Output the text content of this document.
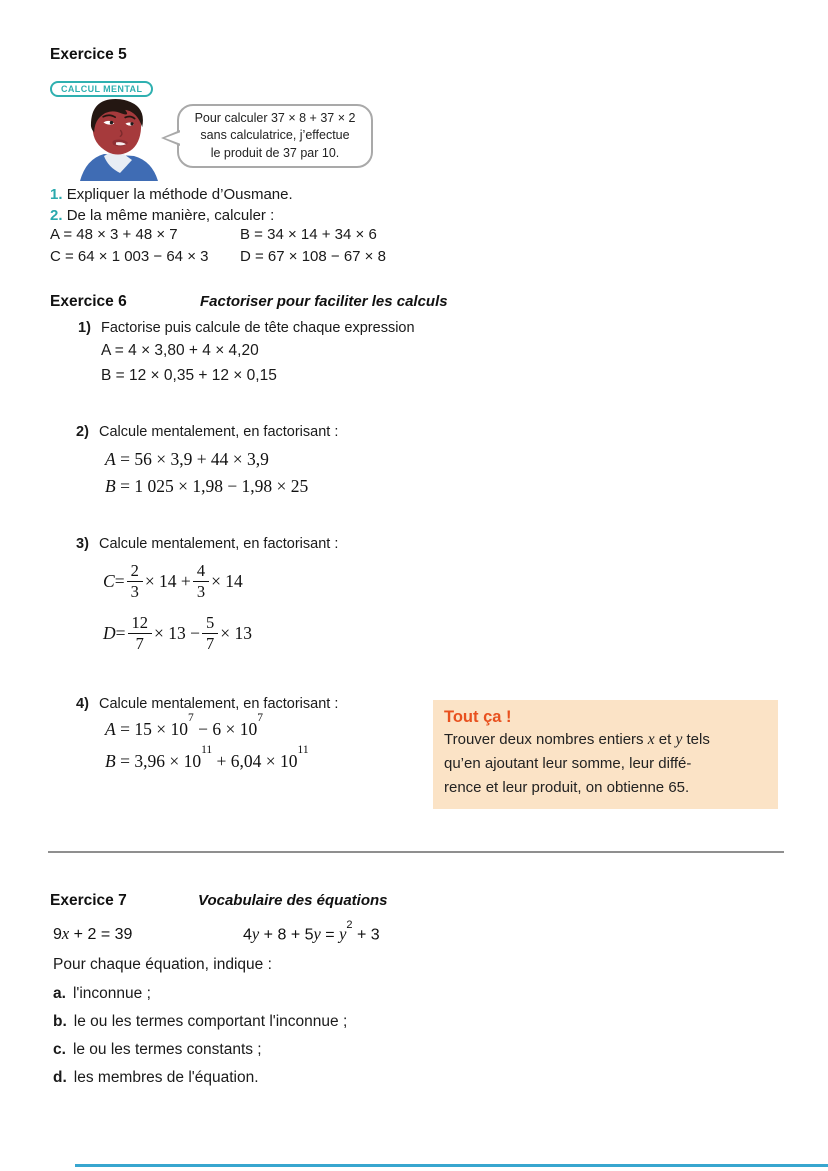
Exercice 5
CALCUL MENTAL
Pour calculer 37 × 8 + 37 × 2
sans calculatrice, j’effectue
le produit de 37 par 10.
1. Expliquer la méthode d’Ousmane.
2. De la même manière, calculer :
A = 48 × 3 + 48 × 7	B = 34 × 14 + 34 × 6
C = 64 × 1 003 − 64 × 3	D = 67 × 108 − 67 × 8
Exercice 6	Factoriser pour faciliter les calculs
1) Factorise puis calcule de tête chaque expression
A = 4 × 3,80 + 4 × 4,20
B = 12 × 0,35 + 12 × 0,15
2) Calcule mentalement, en factorisant :
A = 56 × 3,9 + 44 × 3,9
B = 1 025 × 1,98 − 1,98 × 25
3) Calcule mentalement, en factorisant :
$C = \frac{2}{3} \times 14 + \frac{4}{3} \times 14$
$D = \frac{12}{7} \times 13 - \frac{5}{7} \times 13$
4) Calcule mentalement, en factorisant :
$A = 15 \times 10^7 - 6 \times 10^7$
$B = 3,96 \times 10^{11} + 6,04 \times 10^{11}$
Tout ça !
Trouver deux nombres entiers x et y tels
qu’en ajoutant leur somme, leur diffé-
rence et leur produit, on obtienne 65.
Exercice 7	Vocabulaire des équations
9x + 2 = 39	$4y + 8 + 5y = y^2 + 3$
Pour chaque équation, indique :
a. l'inconnue ;
b. le ou les termes comportant l'inconnue ;
c. le ou les termes constants ;
d. les membres de l'équation.
